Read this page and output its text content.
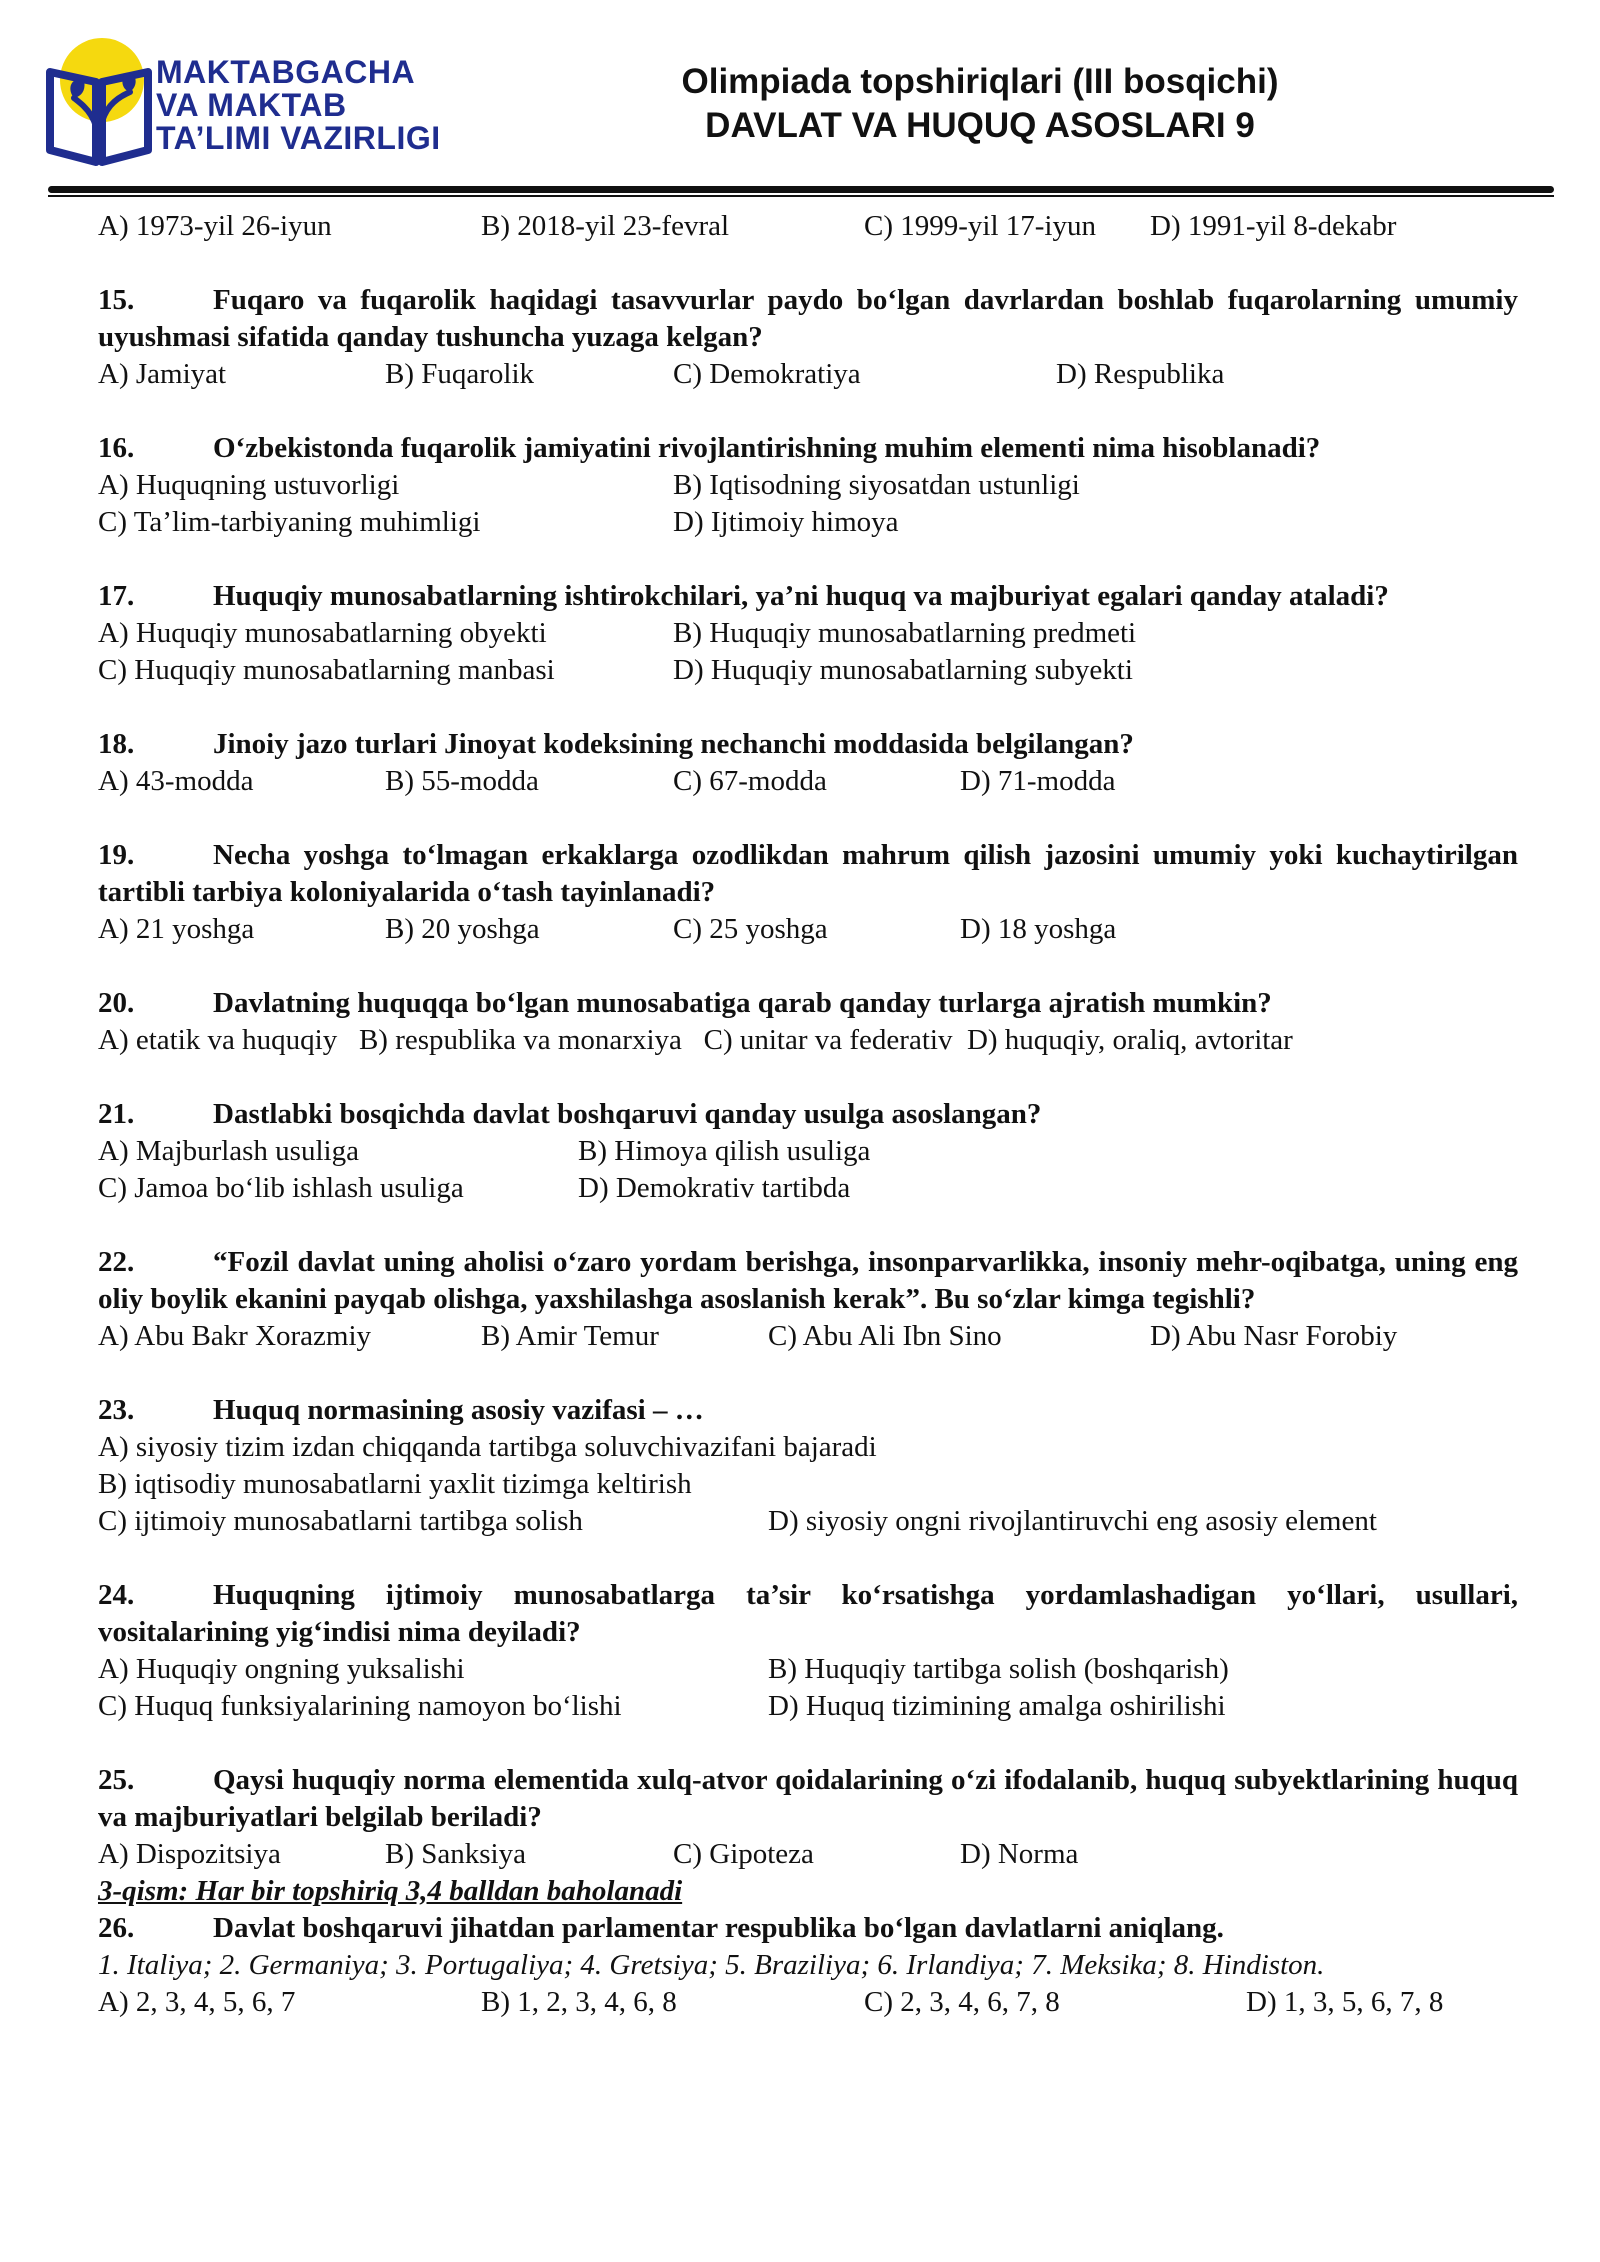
MAKTABGACHA
VA MAKTAB
TA’LIMI VAZIRLIGI
Olimpiada topshiriqlari (III bosqichi)
DAVLAT VA HUQUQ ASOSLARI 9
A) 1973-yil 26-iyun	B) 2018-yil 23-fevral	C) 1999-yil 17-iyun D) 1991-yil 8-dekabr
15.	Fuqaro va fuqarolik haqidagi tasavvurlar paydo bo‘lgan davrlardan boshlab fuqarolarning umumiy uyushmasi sifatida qanday tushuncha yuzaga kelgan?
A) Jamiyat	B) Fuqarolik	C) Demokratiya	D) Respublika
16.	O‘zbekistonda fuqarolik jamiyatini rivojlantirishning muhim elementi nima hisoblanadi?
A) Huquqning ustuvorligi	B) Iqtisodning siyosatdan ustunligi
C) Ta’lim-tarbiyaning muhimligi	D) Ijtimoiy himoya
17.	Huquqiy munosabatlarning ishtirokchilari, ya’ni huquq va majburiyat egalari qanday ataladi?
A) Huquqiy munosabatlarning obyekti	B) Huquqiy munosabatlarning predmeti
C) Huquqiy munosabatlarning manbasi	D) Huquqiy munosabatlarning subyekti
18.	Jinoiy jazo turlari Jinoyat kodeksining nechanchi moddasida belgilangan?
A) 43-modda	B) 55-modda	C) 67-modda	D) 71-modda
19.	Necha yoshga to‘lmagan erkaklarga ozodlikdan mahrum qilish jazosini umumiy yoki kuchaytirilgan tartibli tarbiya koloniyalarida o‘tash tayinlanadi?
A) 21 yoshga	B) 20 yoshga	C) 25 yoshga	D) 18 yoshga
20.	Davlatning huquqqa bo‘lgan munosabatiga qarab qanday turlarga ajratish mumkin?
A) etatik va huquqiy   B) respublika va monarxiya   C) unitar va federativ  D) huquqiy, oraliq, avtoritar
21.	Dastlabki bosqichda davlat boshqaruvi qanday usulga asoslangan?
A) Majburlash usuliga	B) Himoya qilish usuliga
C) Jamoa bo‘lib ishlash usuliga	D) Demokrativ tartibda
22.	“Fozil davlat uning aholisi o‘zaro yordam berishga, insonparvarlikka, insoniy mehr-oqibatga, uning eng oliy boylik ekanini payqab olishga, yaxshilashga asoslanish kerak”. Bu so‘zlar kimga tegishli?
A) Abu Bakr Xorazmiy	B) Amir Temur	C) Abu Ali Ibn Sino	D) Abu Nasr Forobiy
23.	Huquq normasining asosiy vazifasi – …
A) siyosiy tizim izdan chiqqanda tartibga soluvchivazifani bajaradi
B) iqtisodiy munosabatlarni yaxlit tizimga keltirish
C) ijtimoiy munosabatlarni tartibga solish	D) siyosiy ongni rivojlantiruvchi eng asosiy element
24.	Huquqning ijtimoiy munosabatlarga ta’sir ko‘rsatishga yordamlashadigan yo‘llari, usullari, vositalarining yig‘indisi nima deyiladi?
A) Huquqiy ongning yuksalishi	B) Huquqiy tartibga solish (boshqarish)
C) Huquq funksiyalarining namoyon bo‘lishi	D) Huquq tizimining amalga oshirilishi
25.	Qaysi huquqiy norma elementida xulq-atvor qoidalarining o‘zi ifodalanib, huquq subyektlarining huquq va majburiyatlari belgilab beriladi?
A) Dispozitsiya	B) Sanksiya	C) Gipoteza	D) Norma
3-qism: Har bir topshiriq 3,4 balldan baholanadi
26.	Davlat boshqaruvi jihatdan parlamentar respublika bo‘lgan davlatlarni aniqlang.
1. Italiya; 2. Germaniya; 3. Portugaliya; 4. Gretsiya; 5. Braziliya; 6. Irlandiya; 7. Meksika; 8. Hindiston.
A) 2, 3, 4, 5, 6, 7	B) 1, 2, 3, 4, 6, 8	C) 2, 3, 4, 6, 7, 8	D) 1, 3, 5, 6, 7, 8
